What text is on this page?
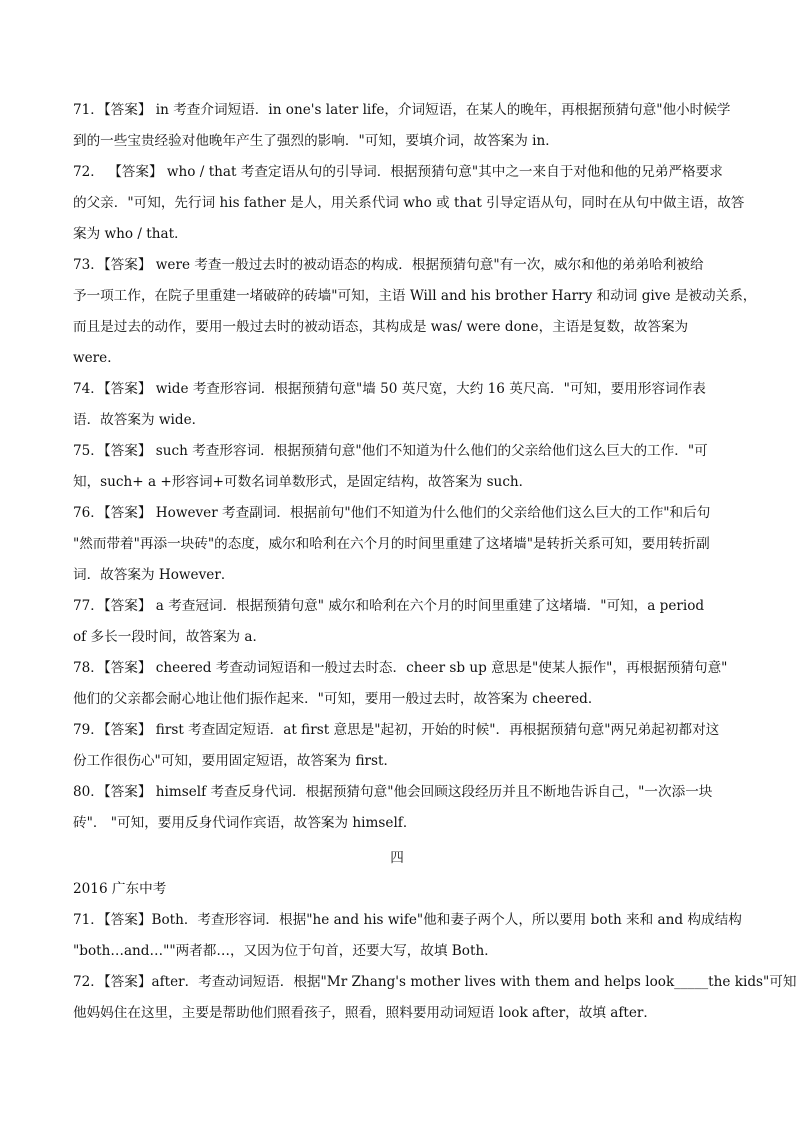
71．【答案】 in 考查介词短语．in one's later life，介词短语，在某人的晚年，再根据预猜句意"他小时候学
到的一些宝贵经验对他晚年产生了强烈的影响．"可知，要填介词，故答案为 in．
72． 【答案】 who / that 考查定语从句的引导词．根据预猜句意"其中之一来自于对他和他的兄弟严格要求
的父亲．"可知，先行词 his father 是人，用关系代词 who 或 that 引导定语从句，同时在从句中做主语，故答
案为 who / that．
73．【答案】 were 考查一般过去时的被动语态的构成．根据预猜句意"有一次，威尔和他的弟弟哈利被给
予一项工作，在院子里重建一堵破碎的砖墙"可知，主语 Will and his brother Harry 和动词 give 是被动关系，
而且是过去的动作，要用一般过去时的被动语态，其构成是 was/ were done，主语是复数，故答案为
were．
74．【答案】 wide 考查形容词．根据预猜句意"墙 50 英尺宽，大约 16 英尺高．"可知，要用形容词作表
语．故答案为 wide．
75．【答案】 such 考查形容词．根据预猜句意"他们不知道为什么他们的父亲给他们这么巨大的工作．"可
知，such+ a +形容词+可数名词单数形式，是固定结构，故答案为 such．
76．【答案】 However 考查副词．根据前句"他们不知道为什么他们的父亲给他们这么巨大的工作"和后句
"然而带着"再添一块砖"的态度，威尔和哈利在六个月的时间里重建了这堵墙"是转折关系可知，要用转折副
词．故答案为 However．
77．【答案】 a 考查冠词．根据预猜句意" 威尔和哈利在六个月的时间里重建了这堵墙．"可知，a period
of 多长一段时间，故答案为 a．
78．【答案】 cheered 考查动词短语和一般过去时态．cheer sb up 意思是"使某人振作"，再根据预猜句意"
他们的父亲都会耐心地让他们振作起来．"可知，要用一般过去时，故答案为 cheered．
79．【答案】 first 考查固定短语．at first 意思是"起初，开始的时候"．再根据预猜句意"两兄弟起初都对这
份工作很伤心"可知，要用固定短语，故答案为 first．
80．【答案】 himself 考查反身代词．根据预猜句意"他会回顾这段经历并且不断地告诉自己，"一次添一块
砖"． "可知，要用反身代词作宾语，故答案为 himself．
四
2016 广东中考
71．【答案】Both．考查形容词．根据"he and his wife"他和妻子两个人，所以要用 both 来和 and 构成结构
"both…and…""两者都…，又因为位于句首，还要大写，故填 Both．
72．【答案】after．考查动词短语．根据"Mr Zhang's mother lives with them and helps look_____the kids"可知
他妈妈住在这里，主要是帮助他们照看孩子，照看，照料要用动词短语 look after，故填 after．
